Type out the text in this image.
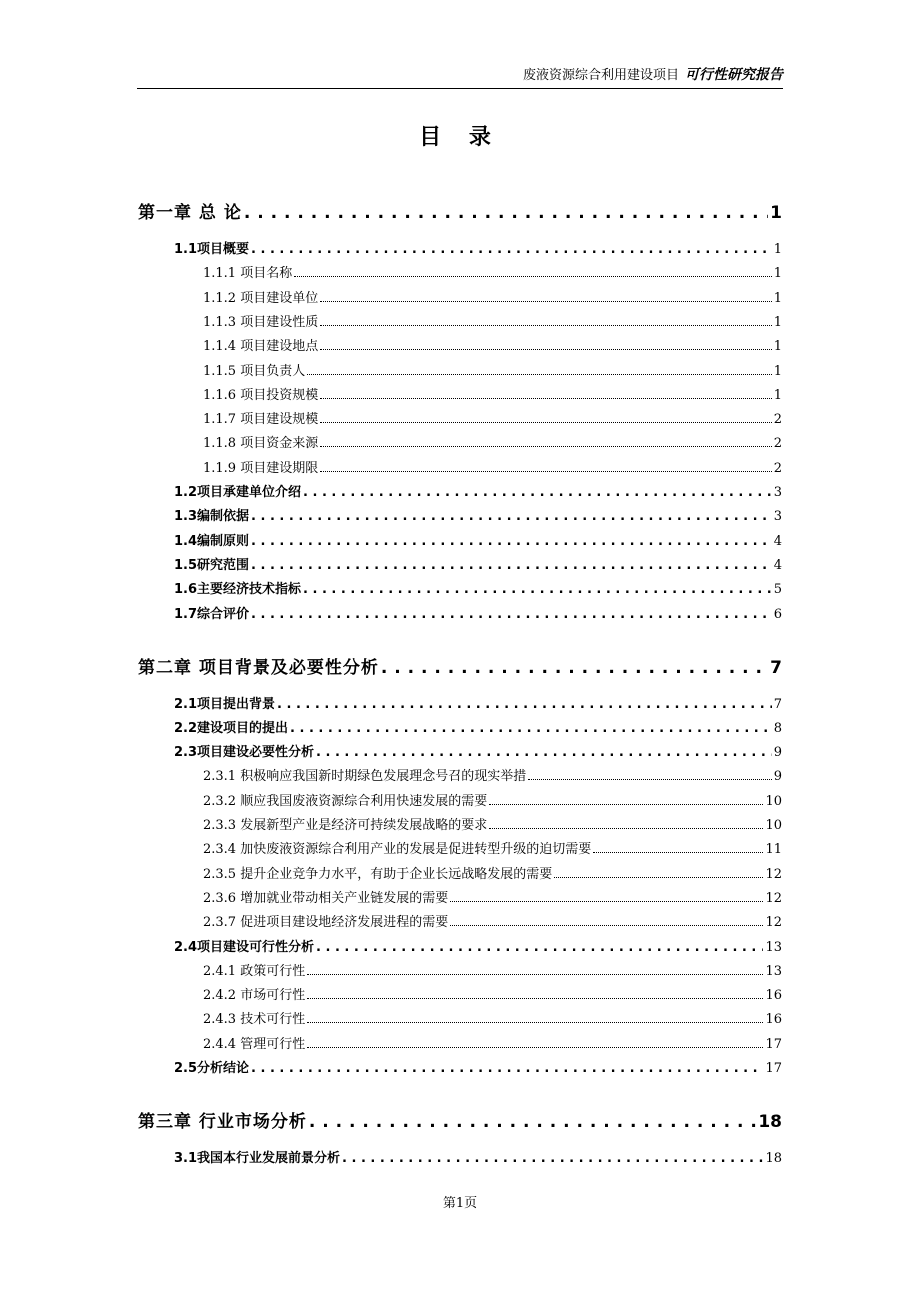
废液资源综合利用建设项目 可行性研究报告
目 录
第一章 总 论 . . .	1
1.1项目概要 . . .	1
1.1.1 项目名称	1
1.1.2 项目建设单位	1
1.1.3 项目建设性质	1
1.1.4 项目建设地点	1
1.1.5 项目负责人	1
1.1.6 项目投资规模	1
1.1.7 项目建设规模	2
1.1.8 项目资金来源	2
1.1.9 项目建设期限	2
1.2项目承建单位介绍 . . .	3
1.3编制依据 . . .	3
1.4编制原则 . . .	4
1.5研究范围 . . .	4
1.6主要经济技术指标 . . .	5
1.7综合评价 . . .	6
第二章 项目背景及必要性分析 . . .	7
2.1项目提出背景 . . .	7
2.2建设项目的提出 . . .	8
2.3项目建设必要性分析 . . .	9
2.3.1 积极响应我国新时期绿色发展理念号召的现实举措	9
2.3.2 顺应我国废液资源综合利用快速发展的需要	10
2.3.3 发展新型产业是经济可持续发展战略的要求	10
2.3.4 加快废液资源综合利用产业的发展是促进转型升级的迫切需要	11
2.3.5 提升企业竞争力水平，有助于企业长远战略发展的需要	12
2.3.6 增加就业带动相关产业链发展的需要	12
2.3.7 促进项目建设地经济发展进程的需要	12
2.4项目建设可行性分析 . . .	13
2.4.1 政策可行性	13
2.4.2 市场可行性	16
2.4.3 技术可行性	16
2.4.4 管理可行性	17
2.5分析结论 . . .	17
第三章 行业市场分析 . . .	18
3.1我国本行业发展前景分析 . . .	18
第1页
